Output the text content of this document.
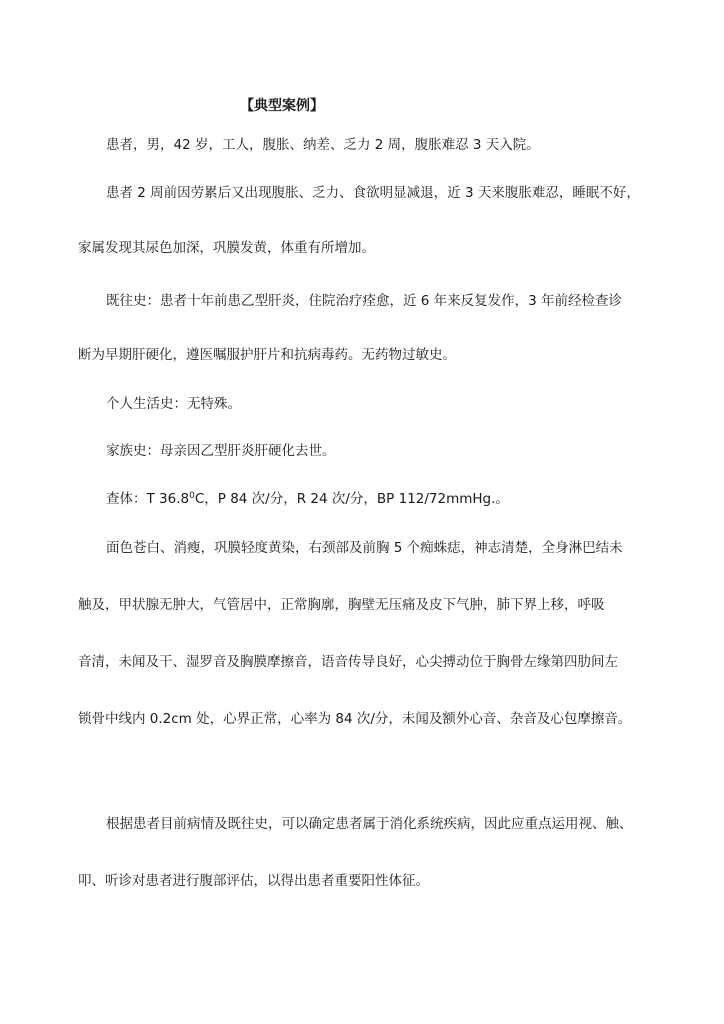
【典型案例】
患者，男，42 岁，工人，腹胀、纳差、乏力 2 周，腹胀难忍 3 天入院。
患者 2 周前因劳累后又出现腹胀、乏力、食欲明显减退，近 3 天来腹胀难忍，睡眠不好，
家属发现其尿色加深，巩膜发黄，体重有所增加。
既往史：患者十年前患乙型肝炎，住院治疗痊愈，近 6 年来反复发作，3 年前经检查诊
断为早期肝硬化，遵医嘱服护肝片和抗病毒药。无药物过敏史。
个人生活史：无特殊。
家族史：母亲因乙型肝炎肝硬化去世。
查体：T 36.8$^0$C，P 84 次/分，R 24 次/分，BP 112/72mmHg.。
面色苍白、消瘦，巩膜轻度黄染，右颈部及前胸 5 个痴蛛痣，神志清楚，全身淋巴结未
触及，甲状腺无肿大，气管居中，正常胸廓，胸壁无压痛及皮下气肿，肺下界上移，呼吸
音清，未闻及干、湿罗音及胸膜摩擦音，语音传导良好，心尖搏动位于胸骨左缘第四肋间左
锁骨中线内 0.2cm 处，心界正常，心率为 84 次/分，未闻及额外心音、杂音及心包摩擦音。
根据患者目前病情及既往史，可以确定患者属于消化系统疾病，因此应重点运用视、触、
叩、听诊对患者进行腹部评估，以得出患者重要阳性体征。
